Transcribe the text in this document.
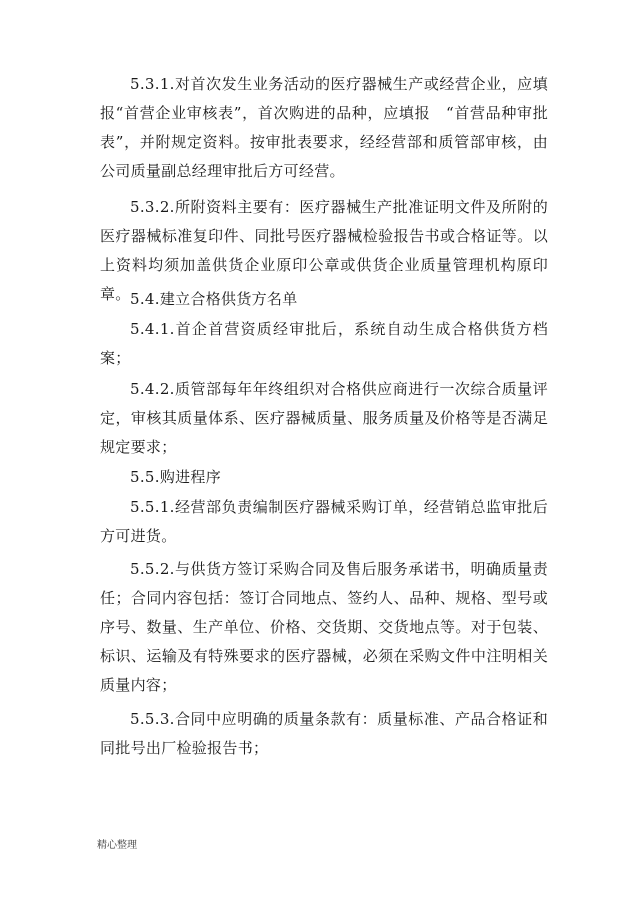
5.3.1.对首次发生业务活动的医疗器械生产或经营企业，应填报“首营企业审核表”，首次购进的品种，应填报　“首营品种审批表”，并附规定资料。按审批表要求，经经营部和质管部审核，由公司质量副总经理审批后方可经营。

5.3.2.所附资料主要有：医疗器械生产批准证明文件及所附的医疗器械标准复印件、同批号医疗器械检验报告书或合格证等。以上资料均须加盖供货企业原印公章或供货企业质量管理机构原印章。 5.4.建立合格供货方名单

5.4.1.首企首营资质经审批后，系统自动生成合格供货方档案；

5.4.2.质管部每年年终组织对合格供应商进行一次综合质量评定，审核其质量体系、医疗器械质量、服务质量及价格等是否满足规定要求；

5.5.购进程序

5.5.1.经营部负责编制医疗器械采购订单，经营销总监审批后方可进货。

5.5.2.与供货方签订采购合同及售后服务承诺书，明确质量责任；合同内容包括：签订合同地点、签约人、品种、规格、型号或序号、数量、生产单位、价格、交货期、交货地点等。对于包装、标识、运输及有特殊要求的医疗器械，必须在采购文件中注明相关质量内容；

5.5.3.合同中应明确的质量条款有：质量标准、产品合格证和同批号出厂检验报告书；

精心整理
